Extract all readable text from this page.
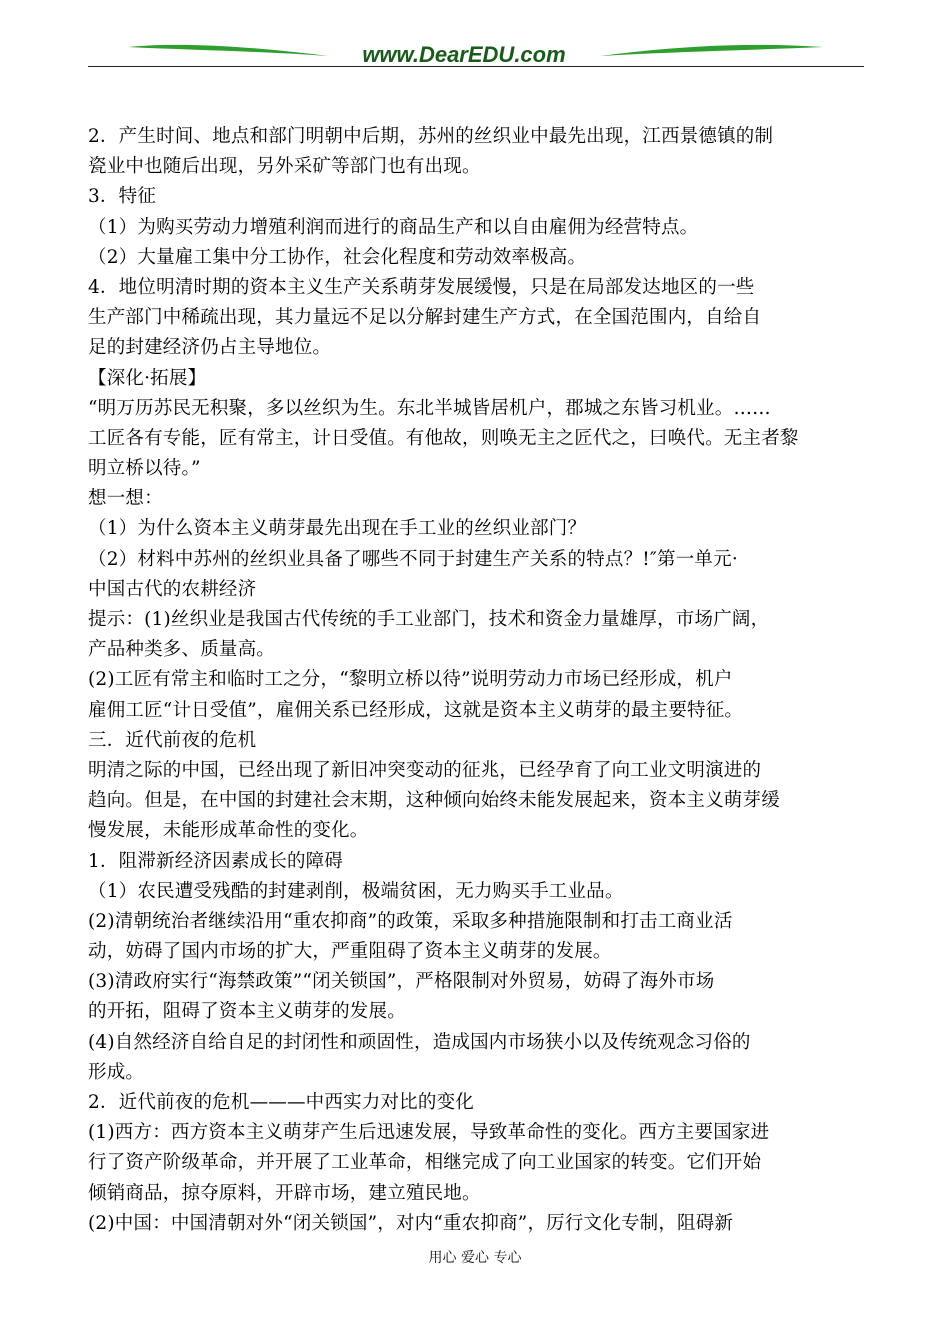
www.DearEDU.com
2．产生时间、地点和部门明朝中后期，苏州的丝织业中最先出现，江西景德镇的制
瓷业中也随后出现，另外采矿等部门也有出现。
3．特征
（1）为购买劳动力增殖利润而进行的商品生产和以自由雇佣为经营特点。
（2）大量雇工集中分工协作，社会化程度和劳动效率极高。
4．地位明清时期的资本主义生产关系萌芽发展缓慢，只是在局部发达地区的一些
生产部门中稀疏出现，其力量远不足以分解封建生产方式，在全国范围内，自给自
足的封建经济仍占主导地位。
【深化·拓展】
“明万历苏民无积聚，多以丝织为生。东北半城皆居机户，郡城之东皆习机业。……
工匠各有专能，匠有常主，计日受值。有他故，则唤无主之匠代之，曰唤代。无主者黎
明立桥以待。”
想一想：
（1）为什么资本主义萌芽最先出现在手工业的丝织业部门？
（2）材料中苏州的丝织业具备了哪些不同于封建生产关系的特点？!″第一单元·
中国古代的农耕经济
提示：(1)丝织业是我国古代传统的手工业部门，技术和资金力量雄厚，市场广阔，
产品种类多、质量高。
(2)工匠有常主和临时工之分，“黎明立桥以待”说明劳动力市场已经形成，机户
雇佣工匠“计日受值”，雇佣关系已经形成，这就是资本主义萌芽的最主要特征。
三．近代前夜的危机
明清之际的中国，已经出现了新旧冲突变动的征兆，已经孕育了向工业文明演进的
趋向。但是，在中国的封建社会末期，这种倾向始终未能发展起来，资本主义萌芽缓
慢发展，未能形成革命性的变化。
1．阻滞新经济因素成长的障碍
（1）农民遭受残酷的封建剥削，极端贫困，无力购买手工业品。
(2)清朝统治者继续沿用“重农抑商”的政策，采取多种措施限制和打击工商业活
动，妨碍了国内市场的扩大，严重阻碍了资本主义萌芽的发展。
(3)清政府实行“海禁政策”“闭关锁国”，严格限制对外贸易，妨碍了海外市场
的开拓，阻碍了资本主义萌芽的发展。
(4)自然经济自给自足的封闭性和顽固性，造成国内市场狭小以及传统观念习俗的
形成。
2．近代前夜的危机———中西实力对比的变化
(1)西方：西方资本主义萌芽产生后迅速发展，导致革命性的变化。西方主要国家进
行了资产阶级革命，并开展了工业革命，相继完成了向工业国家的转变。它们开始
倾销商品，掠夺原料，开辟市场，建立殖民地。
(2)中国：中国清朝对外“闭关锁国”，对内“重农抑商”，厉行文化专制，阻碍新
用心 爱心 专心
